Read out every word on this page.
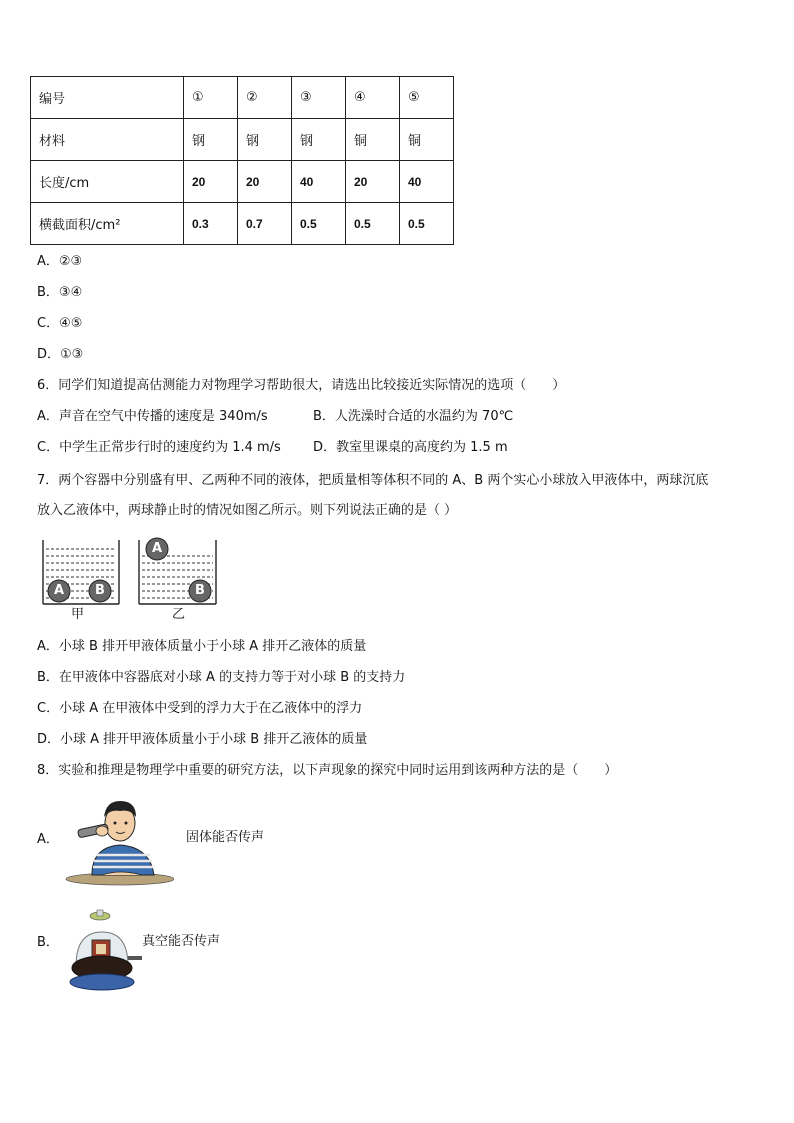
编号	①	②	③	④	⑤
材料	钢	钢	钢	铜	铜
长度/cm	20	20	40	20	40
横截面积/cm²	0.3	0.7	0.5	0.5	0.5
A．②③
B．③④
C．④⑤
D．①③
6．同学们知道提高估测能力对物理学习帮助很大，请选出比较接近实际情况的选项（　　）
A．声音在空气中传播的速度是 340m/s	B．人洗澡时合适的水温约为 70℃
C．中学生正常步行时的速度约为 1.4 m/s D．教室里课桌的高度约为 1.5 m
7．两个容器中分别盛有甲、乙两种不同的液体，把质量相等体积不同的 A、B 两个实心小球放入甲液体中，两球沉底
放入乙液体中，两球静止时的情况如图乙所示。则下列说法正确的是（ ）
A B
A
B
甲	乙
A．小球 B 排开甲液体质量小于小球 A 排开乙液体的质量
B．在甲液体中容器底对小球 A 的支持力等于对小球 B 的支持力
C．小球 A 在甲液体中受到的浮力大于在乙液体中的浮力
D．小球 A 排开甲液体质量小于小球 B 排开乙液体的质量
8．实验和推理是物理学中重要的研究方法，以下声现象的探究中同时运用到该两种方法的是（　　）
A．	固体能否传声
B．	真空能否传声
